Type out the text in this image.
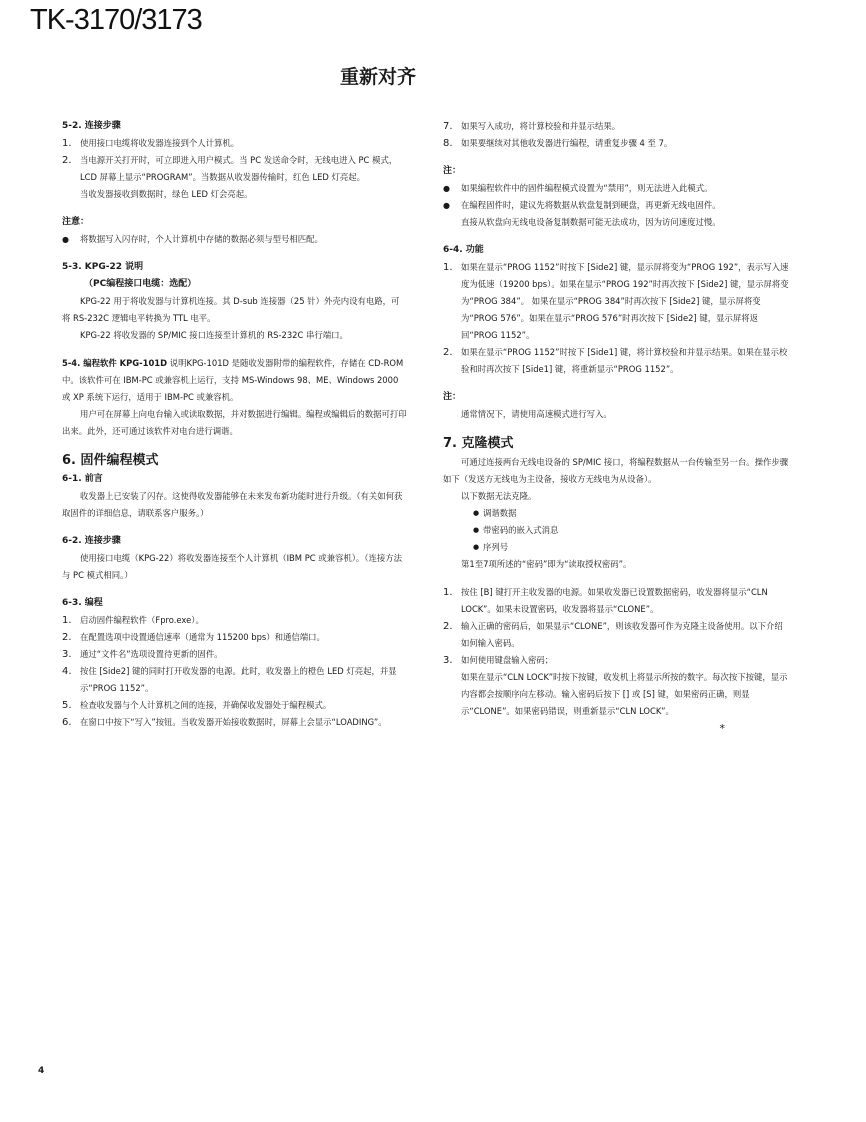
TK-3170/3173
重新对齐

5-2. 连接步骤

1.	使用接口电缆将收发器连接到个人计算机。
2.	当电源开关打开时，可立即进入用户模式。当 PC 发送命令时，无线电进入 PC 模式，LCD 屏幕上显示“PROGRAM”。当数据从收发器传输时，红色 LED 灯亮起。

当收发器接收到数据时，绿色 LED 灯会亮起。

注意：

●	将数据写入闪存时，个人计算机中存储的数据必须与型号相匹配。

5-3. KPG-22 说明

（PC编程接口电缆：选配）

KPG-22 用于将收发器与计算机连接。其 D-sub 连接器（25 针）外壳内设有电路，可将 RS-232C 逻辑电平转换为 TTL 电平。

KPG-22 将收发器的 SP/MIC 接口连接至计算机的 RS-232C 串行端口。

5-4. 编程软件 KPG-101D 说明KPG-101D 是随收发器附带的编程软件，存储在 CD-ROM 中。该软件可在 IBM-PC 或兼容机上运行，支持 MS-Windows 98、ME、Windows 2000 或 XP 系统下运行，适用于 IBM-PC 或兼容机。

用户可在屏幕上向电台输入或读取数据，并对数据进行编辑。编程或编辑后的数据可打印出来。此外，还可通过该软件对电台进行调谐。

6. 固件编程模式

6-1. 前言

收发器上已安装了闪存。这使得收发器能够在未来发布新功能时进行升级。（有关如何获取固件的详细信息，请联系客户服务。）

6-2. 连接步骤

使用接口电缆（KPG-22）将收发器连接至个人计算机（IBM PC 或兼容机）。（连接方法与 PC 模式相同。）

6-3. 编程

1.	启动固件编程软件（Fpro.exe）。
2.	在配置选项中设置通信速率（通常为 115200 bps）和通信端口。
3.	通过“文件名”选项设置待更新的固件。
4.	按住 [Side2] 键的同时打开收发器的电源。此时，收发器上的橙色 LED 灯亮起，并显示“PROG 1152”。
5.	检查收发器与个人计算机之间的连接，并确保收发器处于编程模式。
6.	在窗口中按下“写入”按钮。当收发器开始接收数据时，屏幕上会显示“LOADING”。
7.	如果写入成功，将计算校验和并显示结果。
8.	如果要继续对其他收发器进行编程，请重复步骤 4 至 7。

注：

●	如果编程软件中的固件编程模式设置为“禁用”，则无法进入此模式。
●	在编程固件时，建议先将数据从软盘复制到硬盘，再更新无线电固件。

直接从软盘向无线电设备复制数据可能无法成功，因为访问速度过慢。

6-4. 功能

1.	如果在显示“PROG 1152”时按下 [Side2] 键，显示屏将变为“PROG 192”，表示写入速度为低速（19200 bps）。如果在显示“PROG 192”时再次按下 [Side2] 键，显示屏将变为“PROG 384”。 如果在显示“PROG 384”时再次按下 [Side2] 键，显示屏将变为“PROG 576”。如果在显示“PROG 576”时再次按下 [Side2] 键，显示屏将返回“PROG 1152”。
2.	如果在显示“PROG 1152”时按下 [Side1] 键，将计算校验和并显示结果。如果在显示校验和时再次按下 [Side1] 键，将重新显示“PROG 1152”。

注：

通常情况下，请使用高速模式进行写入。

7. 克隆模式

可通过连接两台无线电设备的 SP/MIC 接口，将编程数据从一台传输至另一台。操作步骤如下（发送方无线电为主设备，接收方无线电为从设备）。

以下数据无法克隆。

● 调谐数据
● 带密码的嵌入式消息
● 序列号

第1至7项所述的“密码”即为“读取授权密码”。

1.	按住 [B] 键打开主收发器的电源。如果收发器已设置数据密码，收发器将显示“CLN LOCK”。如果未设置密码，收发器将显示“CLONE”。
2.	输入正确的密码后，如果显示“CLONE”，则该收发器可作为克隆主设备使用。以下介绍如何输入密码。
3.	如何使用键盘输入密码；

如果在显示“CLN LOCK”时按下按键，收发机上将显示所按的数字。每次按下按键，显示内容都会按顺序向左移动。输入密码后按下 [] 或 [S] 键，如果密码正确，则显示“CLONE”。如果密码错误，则重新显示“CLN LOCK”。

*

4
